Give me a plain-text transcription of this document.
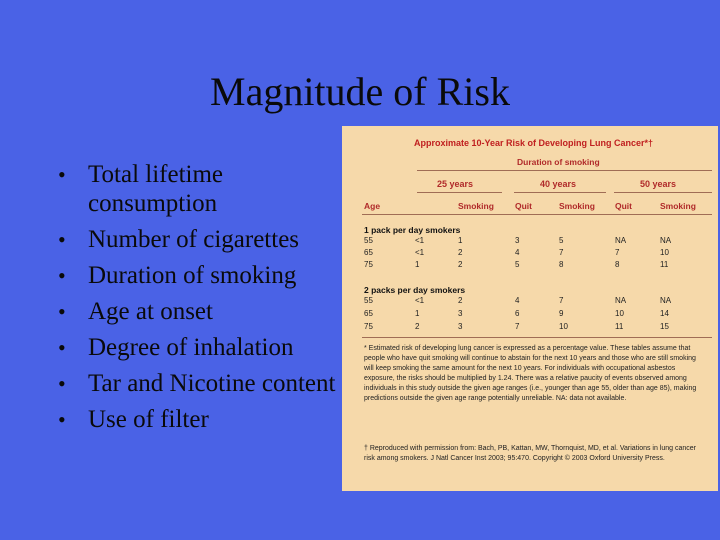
Magnitude of Risk
• Total lifetime consumption
• Number of cigarettes
• Duration of smoking
• Age at onset
• Degree of inhalation
• Tar and Nicotine content
• Use of filter
Approximate 10-Year Risk of Developing Lung Cancer*†
Duration of smoking
25 years	40 years	50 years
Age	Smoking Quit	Smoking Quit	Smoking
1 pack per day smokers
55	<1	1	3	5	NA	NA
65	<1	2	4	7	7	10
75	1	2	5	8	8	11
2 packs per day smokers
55	<1	2	4	7	NA	NA
65	1	3	6	9	10	14
75	2	3	7	10	11	15
* Estimated risk of developing lung cancer is expressed as a percentage value. These tables assume that people who have quit smoking will continue to abstain for the next 10 years and those who are still smoking will keep smoking the same amount for the next 10 years. For individuals with occupational asbestos exposure, the risks should be multiplied by 1.24. There was a relative paucity of events observed among individuals in this study outside the given age ranges (i.e., younger than age 55, older than age 85), making predictions outside the given age range potentially unreliable. NA: data not available.
† Reproduced with permission from: Bach, PB, Kattan, MW, Thornquist, MD, et al. Variations in lung cancer risk among smokers. J Natl Cancer Inst 2003; 95:470. Copyright © 2003 Oxford University Press.
